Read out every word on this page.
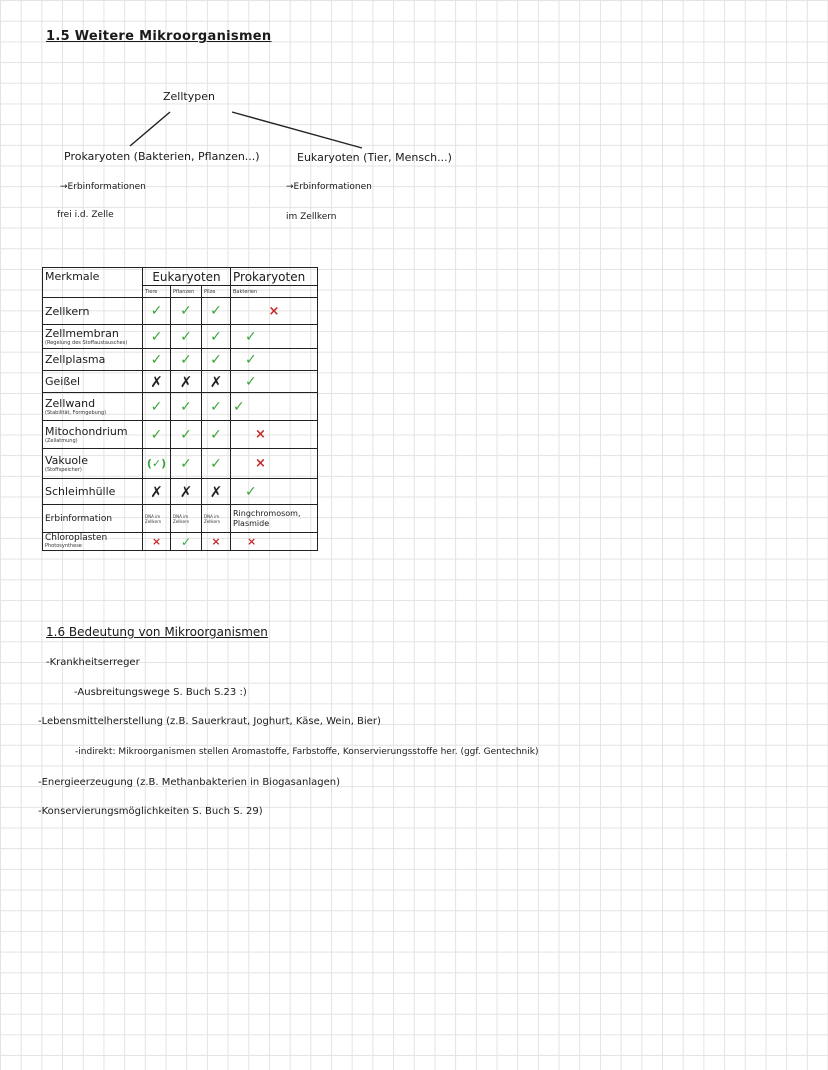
1.5 Weitere Mikroorganismen
Zelltypen
Prokaryoten (Bakterien, Pflanzen...)	Eukaryoten (Tier, Mensch...)
→Erbinformationen
frei i.d. Zelle
→Erbinformationen
im Zellkern
Merkmale	Eukaryoten			Prokaryoten
	Tiere	Pflanzen	Pilze	Bakterien
Zellkern	✓	✓	✓	×
Zellmembran
(Regelung des Stoffaustausches)	✓	✓	✓	✓
Zellplasma	✓	✓	✓	✓
Geißel	✗	✗	✗	✓
Zellwand
(Stabilität, Formgebung)	✓	✓	✓	✓
Mitochondrium
(Zellatmung)	✓	✓	✓	×
Vakuole
(Stoffspeicher)	(✓)	✓	✓	×
Schleimhülle	✗	✗	✗	✓
Erbinformation	DNA im Zellkern	DNA im Zellkern	DNA im Zellkern	Ringchromosom, Plasmide
Chloroplasten
Photosynthese	×	✓	×	×
1.6 Bedeutung von Mikroorganismen
-Krankheitserreger
-Ausbreitungswege S. Buch S.23 :)
-Lebensmittelherstellung (z.B. Sauerkraut, Joghurt, Käse, Wein, Bier)
-indirekt: Mikroorganismen stellen Aromastoffe, Farbstoffe, Konservierungsstoffe her. (ggf. Gentechnik)
-Energieerzeugung (z.B. Methanbakterien in Biogasanlagen)
-Konservierungsmöglichkeiten S. Buch S. 29)
